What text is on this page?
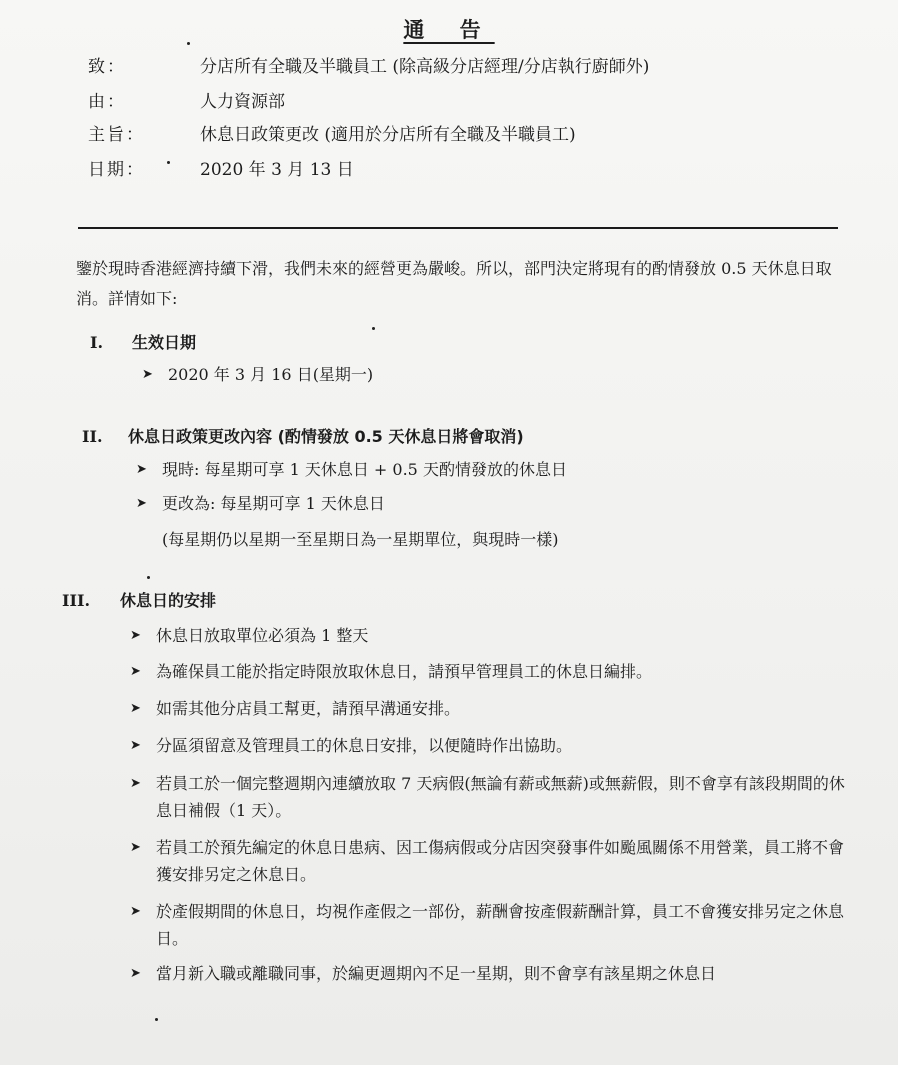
通 告
致：	分店所有全職及半職員工 (除高級分店經理/分店執行廚師外)
由：	人力資源部
主旨：	休息日政策更改 (適用於分店所有全職及半職員工)
日期：	2020 年 3 月 13 日
鑒於現時香港經濟持續下滑，我們未來的經營更為嚴峻。所以，部門決定將現有的酌情發放 0.5 天休息日取消。詳情如下:
I. 生效日期
➤ 2020 年 3 月 16 日(星期一)
II. 休息日政策更改內容 (酌情發放 0.5 天休息日將會取消)
➤ 現時: 每星期可享 1 天休息日 + 0.5 天酌情發放的休息日
➤ 更改為: 每星期可享 1 天休息日
(每星期仍以星期一至星期日為一星期單位，與現時一樣)
III. 休息日的安排
➤ 休息日放取單位必須為 1 整天
➤ 為確保員工能於指定時限放取休息日，請預早管理員工的休息日編排。
➤ 如需其他分店員工幫更，請預早溝通安排。
➤ 分區須留意及管理員工的休息日安排，以便隨時作出協助。
➤ 若員工於一個完整週期內連續放取 7 天病假(無論有薪或無薪)或無薪假，則不會享有該段期間的休息日補假（1 天）。
➤ 若員工於預先編定的休息日患病、因工傷病假或分店因突發事件如颱風關係不用營業，員工將不會獲安排另定之休息日。
➤ 於產假期間的休息日，均視作產假之一部份，薪酬會按產假薪酬計算，員工不會獲安排另定之休息日。
➤ 當月新入職或離職同事，於編更週期內不足一星期，則不會享有該星期之休息日
